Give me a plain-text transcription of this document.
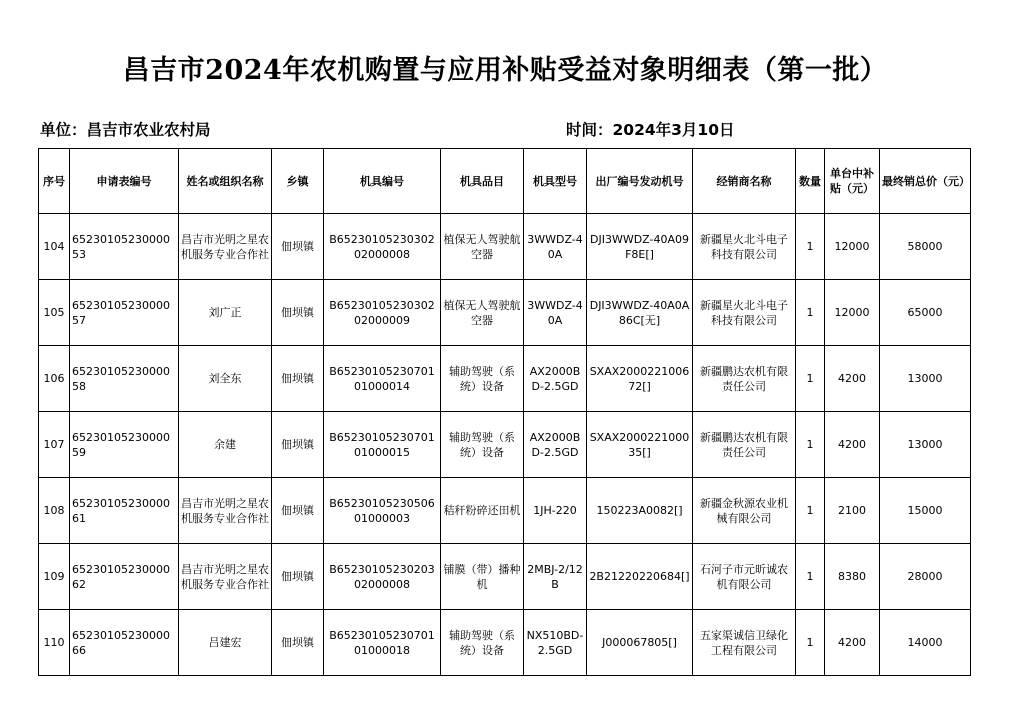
昌吉市2024年农机购置与应用补贴受益对象明细表（第一批）
单位：昌吉市农业农村局	时间：2024年3月10日
序号	申请表编号	姓名或组织名称	乡镇	机具编号	机具品目	机具型号	出厂编号发动机号	经销商名称	数量	单台中补贴（元）	最终销总价（元）
104	6523010523000053	昌吉市光明之星农机服务专业合作社	佃坝镇	B6523010523030202000008	植保无人驾驶航空器	3WWDZ-40A	DJI3WWDZ-40A09F8E[]	新疆星火北斗电子科技有限公司	1	12000	58000
105	6523010523000057	刘广正	佃坝镇	B6523010523030202000009	植保无人驾驶航空器	3WWDZ-40A	DJI3WWDZ-40A0A86C[无]	新疆星火北斗电子科技有限公司	1	12000	65000
106	6523010523000058	刘全东	佃坝镇	B6523010523070101000014	辅助驾驶（系统）设备	AX2000BD-2.5GD	SXAX200022100672[]	新疆鹏达农机有限责任公司	1	4200	13000
107	6523010523000059	余建	佃坝镇	B6523010523070101000015	辅助驾驶（系统）设备	AX2000BD-2.5GD	SXAX200022100035[]	新疆鹏达农机有限责任公司	1	4200	13000
108	6523010523000061	昌吉市光明之星农机服务专业合作社	佃坝镇	B6523010523050601000003	秸秆粉碎还田机	1JH-220	150223A0082[]	新疆金秋源农业机械有限公司	1	2100	15000
109	6523010523000062	昌吉市光明之星农机服务专业合作社	佃坝镇	B6523010523020302000008	铺膜（带）播种机	2MBJ-2/12B	2B21220220684[]	石河子市元昕诚农机有限公司	1	8380	28000
110	6523010523000066	吕建宏	佃坝镇	B6523010523070101000018	辅助驾驶（系统）设备	NX510BD-2.5GD	J000067805[]	五家渠诚信卫绿化工程有限公司	1	4200	14000
